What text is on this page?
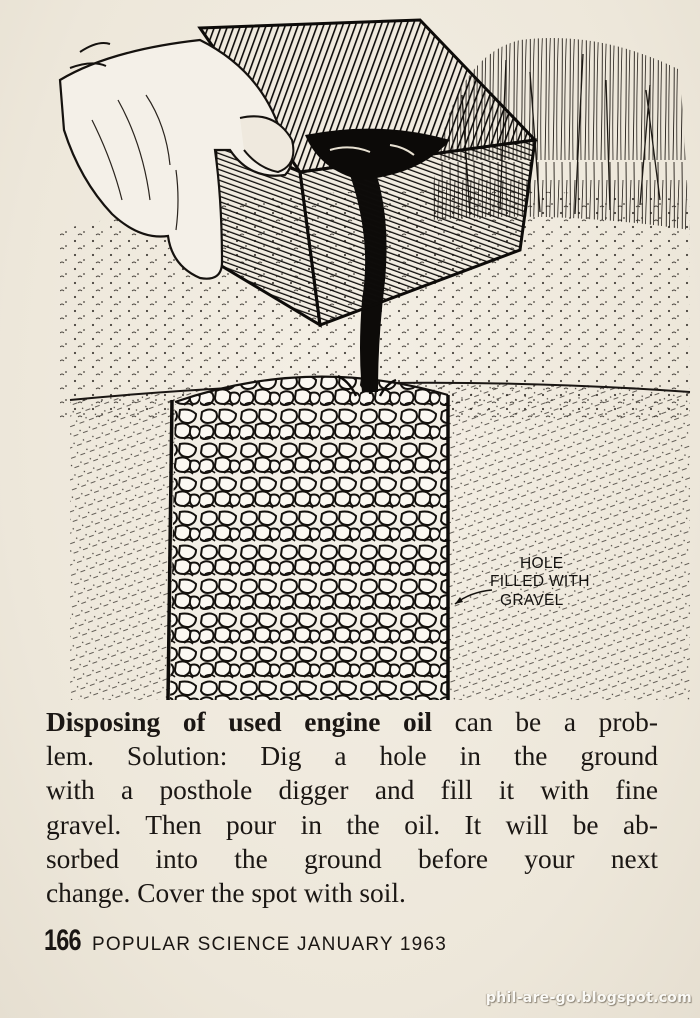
HOLE
FILLED WITH
GRAVEL
Disposing of used engine oil can be a prob-
lem. Solution: Dig a hole in the ground
with a posthole digger and fill it with fine
gravel. Then pour in the oil. It will be ab-
sorbed into the ground before your next
change. Cover the spot with soil.
166 POPULAR SCIENCE JANUARY 1963
phil-are-go.blogspot.com
